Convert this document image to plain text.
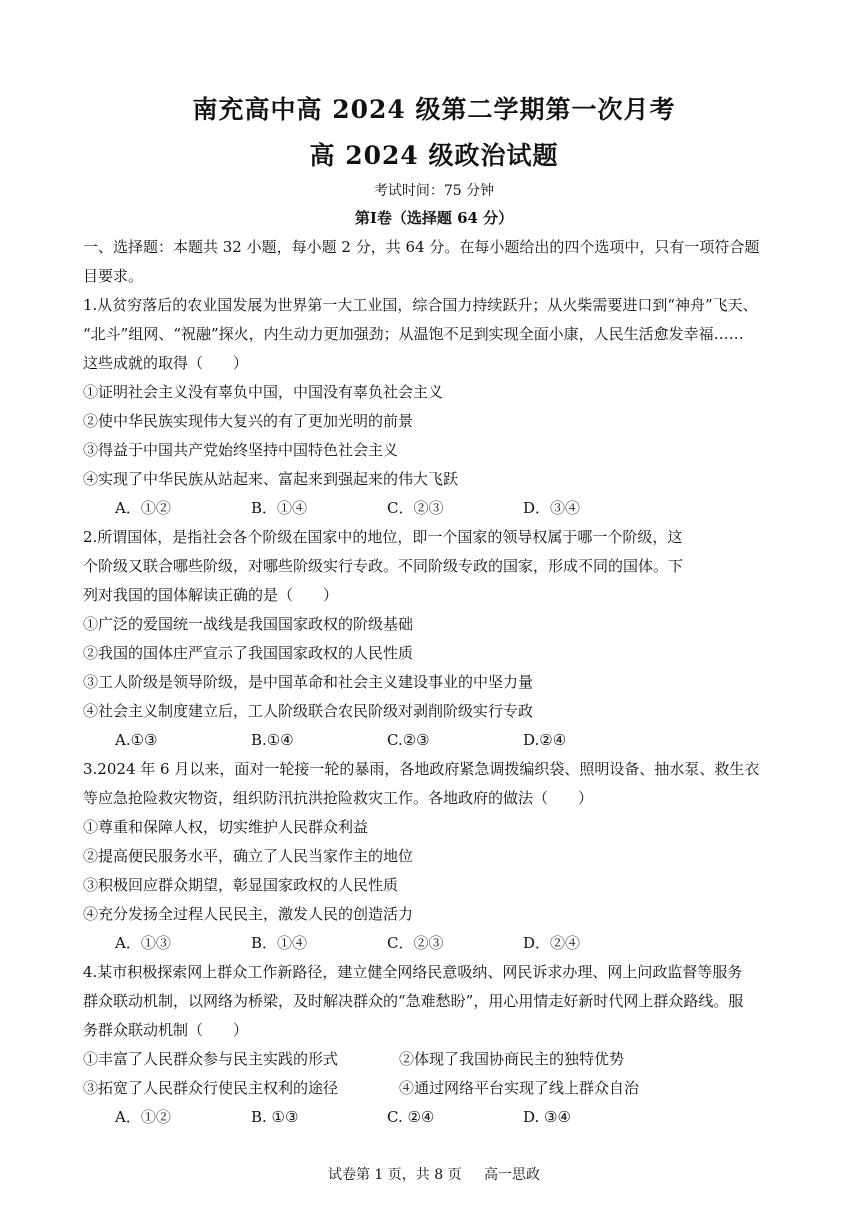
南充高中高 2024 级第二学期第一次月考
高 2024 级政治试题
考试时间：75 分钟
第Ⅰ卷（选择题 64 分）

一、选择题：本题共 32 小题，每小题 2 分，共 64 分。在每小题给出的四个选项中，只有一项符合题

目要求。

1.从贫穷落后的农业国发展为世界第一大工业国，综合国力持续跃升；从火柴需要进口到“神舟”飞天、

“北斗”组网、“祝融”探火，内生动力更加强劲；从温饱不足到实现全面小康，人民生活愈发幸福……

这些成就的取得（　　）

①证明社会主义没有辜负中国，中国没有辜负社会主义

②使中华民族实现伟大复兴的有了更加光明的前景

③得益于中国共产党始终坚持中国特色社会主义

④实现了中华民族从站起来、富起来到强起来的伟大飞跃

A．①②	B．①④	C．②③	D．③④

2.所谓国体，是指社会各个阶级在国家中的地位，即一个国家的领导权属于哪一个阶级，这

个阶级又联合哪些阶级，对哪些阶级实行专政。不同阶级专政的国家，形成不同的国体。下

列对我国的国体解读正确的是（　　）

①广泛的爱国统一战线是我国国家政权的阶级基础

②我国的国体庄严宣示了我国国家政权的人民性质

③工人阶级是领导阶级，是中国革命和社会主义建设事业的中坚力量

④社会主义制度建立后，工人阶级联合农民阶级对剥削阶级实行专政

A.①③	B.①④	C.②③	D.②④

3.2024 年 6 月以来，面对一轮接一轮的暴雨，各地政府紧急调拨编织袋、照明设备、抽水泵、救生衣

等应急抢险救灾物资，组织防汛抗洪抢险救灾工作。各地政府的做法（　　）

①尊重和保障人权，切实维护人民群众利益

②提高便民服务水平，确立了人民当家作主的地位

③积极回应群众期望，彰显国家政权的人民性质

④充分发扬全过程人民民主，激发人民的创造活力

A．①③	B．①④	C．②③	D．②④

4.某市积极探索网上群众工作新路径，建立健全网络民意吸纳、网民诉求办理、网上问政监督等服务

群众联动机制，以网络为桥梁，及时解决群众的“急难愁盼”，用心用情走好新时代网上群众路线。服

务群众联动机制（　　）

①丰富了人民群众参与民主实践的形式	②体现了我国协商民主的独特优势
③拓宽了人民群众行使民主权利的途径	④通过网络平台实现了线上群众自治
A．①②	B. ①③	C. ②④	D. ③④
试卷第 1 页，共 8 页 高一思政
